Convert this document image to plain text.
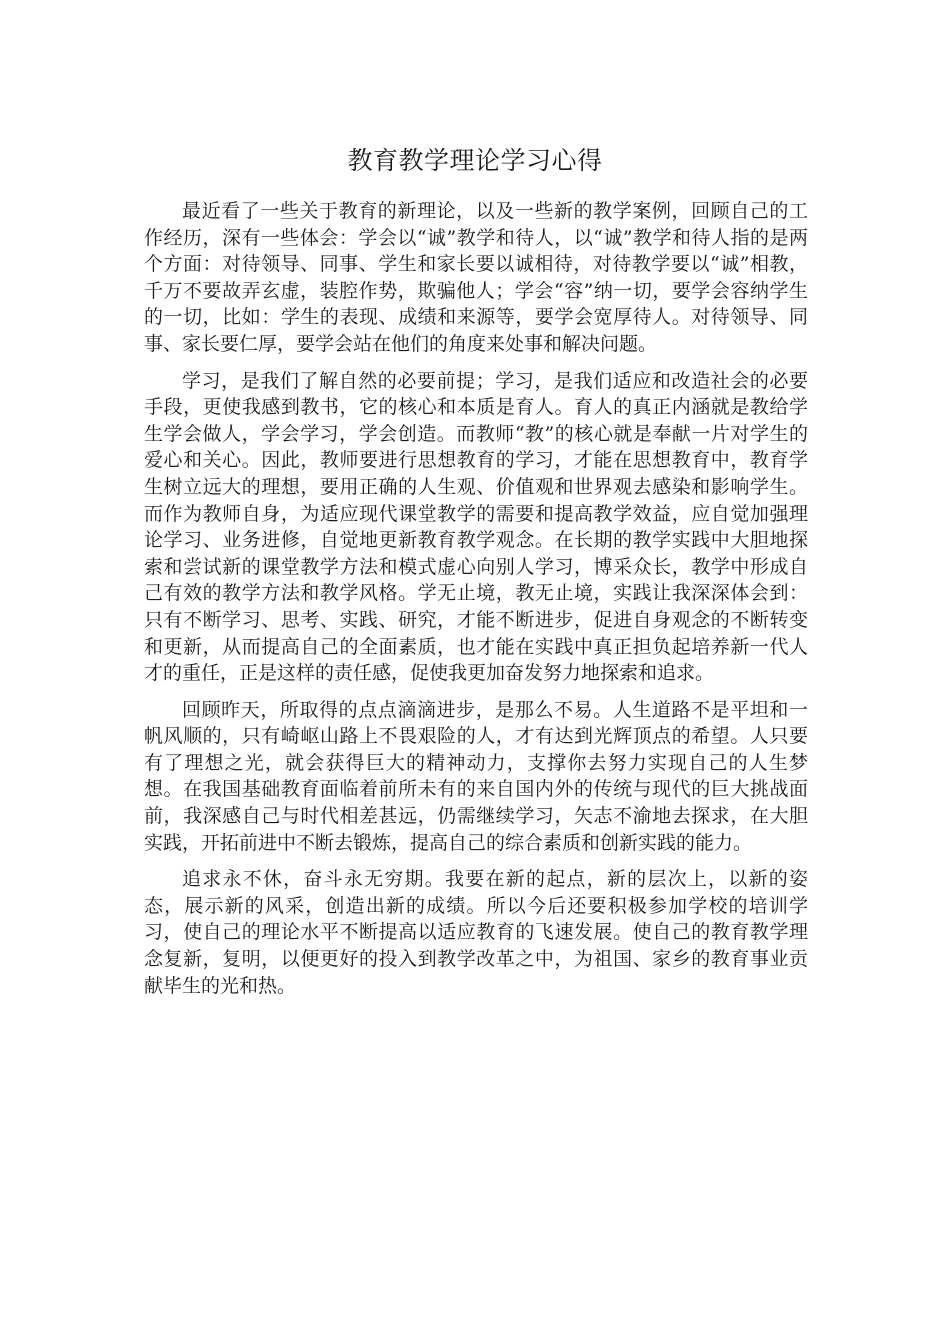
教育教学理论学习心得

最近看了一些关于教育的新理论，以及一些新的教学案例，回顾自己的工作经历，深有一些体会：学会以“诚”教学和待人，以“诚”教学和待人指的是两个方面：对待领导、同事、学生和家长要以诚相待，对待教学要以“诚”相教，千万不要故弄玄虚，装腔作势，欺骗他人；学会“容”纳一切，要学会容纳学生的一切，比如：学生的表现、成绩和来源等，要学会宽厚待人。对待领导、同事、家长要仁厚，要学会站在他们的角度来处事和解决问题。

学习，是我们了解自然的必要前提；学习，是我们适应和改造社会的必要手段，更使我感到教书，它的核心和本质是育人。育人的真正内涵就是教给学生学会做人，学会学习，学会创造。而教师“教”的核心就是奉献一片对学生的爱心和关心。因此，教师要进行思想教育的学习，才能在思想教育中，教育学生树立远大的理想，要用正确的人生观、价值观和世界观去感染和影响学生。而作为教师自身，为适应现代课堂教学的需要和提高教学效益，应自觉加强理论学习、业务进修，自觉地更新教育教学观念。在长期的教学实践中大胆地探索和尝试新的课堂教学方法和模式虚心向别人学习，博采众长，教学中形成自己有效的教学方法和教学风格。学无止境，教无止境，实践让我深深体会到：只有不断学习、思考、实践、研究，才能不断进步，促进自身观念的不断转变和更新，从而提高自己的全面素质，也才能在实践中真正担负起培养新一代人才的重任，正是这样的责任感，促使我更加奋发努力地探索和追求。

回顾昨天，所取得的点点滴滴进步，是那么不易。人生道路不是平坦和一帆风顺的，只有崎岖山路上不畏艰险的人，才有达到光辉顶点的希望。人只要有了理想之光，就会获得巨大的精神动力，支撑你去努力实现自己的人生梦想。在我国基础教育面临着前所未有的来自国内外的传统与现代的巨大挑战面前，我深感自己与时代相差甚远，仍需继续学习，矢志不渝地去探求，在大胆实践，开拓前进中不断去锻炼，提高自己的综合素质和创新实践的能力。

追求永不休，奋斗永无穷期。我要在新的起点，新的层次上，以新的姿态，展示新的风采，创造出新的成绩。所以今后还要积极参加学校的培训学习，使自己的理论水平不断提高以适应教育的飞速发展。使自己的教育教学理念复新，复明，以便更好的投入到教学改革之中，为祖国、家乡的教育事业贡献毕生的光和热。
